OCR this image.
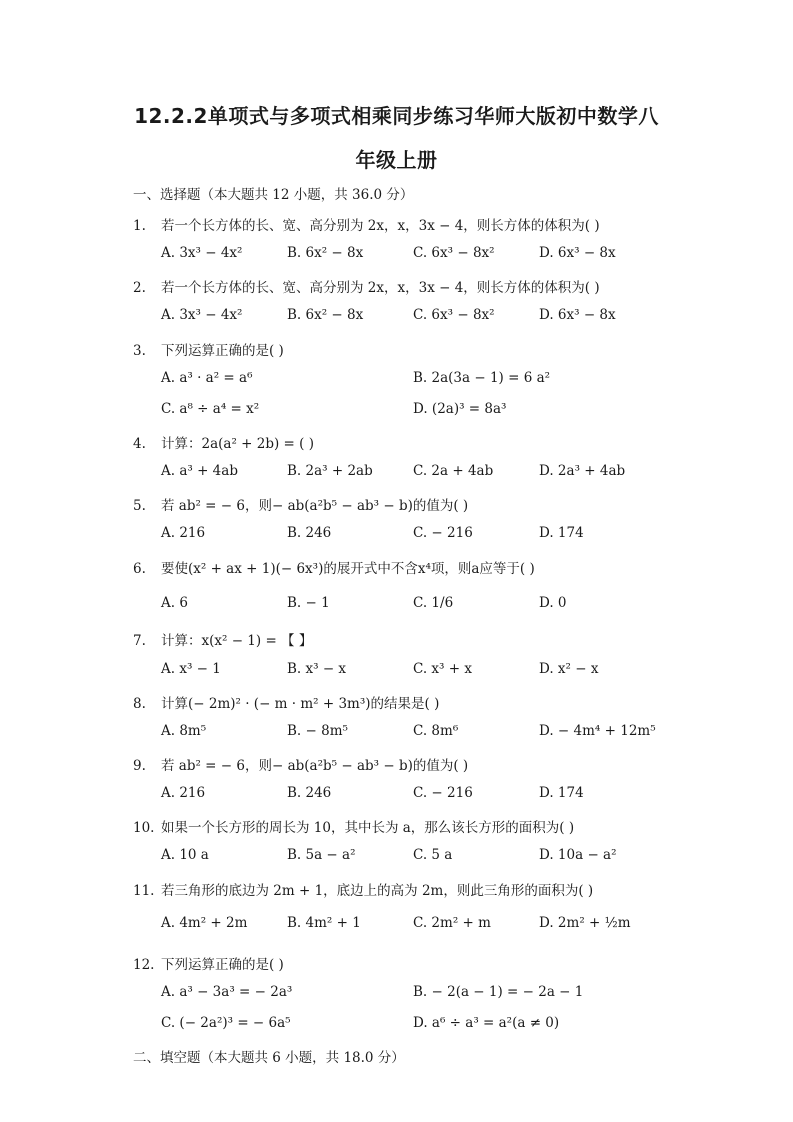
12.2.2单项式与多项式相乘同步练习华师大版初中数学八
年级上册
一、选择题（本大题共 12 小题，共 36.0 分）
1. 若一个长方体的长、宽、高分别为 2x，x，3x − 4，则长方体的体积为( )
A. 3x³ − 4x²	B. 6x² − 8x	C. 6x³ − 8x²	D. 6x³ − 8x
2. 若一个长方体的长、宽、高分别为 2x，x，3x − 4，则长方体的体积为( )
A. 3x³ − 4x²	B. 6x² − 8x	C. 6x³ − 8x²	D. 6x³ − 8x
3. 下列运算正确的是( )
A. a³ · a² = a⁶	B. 2a(3a − 1) = 6 a²
C. a⁸ ÷ a⁴ = x²	D. (2a)³ = 8a³
4. 计算：2a(a² + 2b) = ( )
A. a³ + 4ab	B. 2a³ + 2ab	C. 2a + 4ab	D. 2a³ + 4ab
5. 若 ab² = − 6，则− ab(a²b⁵ − ab³ − b)的值为( )
A. 216	B. 246	C. − 216	D. 174
6. 要使(x² + ax + 1)(− 6x³)的展开式中不含x⁴项，则a应等于( )
A. 6	B. − 1	C. 1/6	D. 0
7. 计算：x(x² − 1) = 【 】
A. x³ − 1	B. x³ − x	C. x³ + x	D. x² − x
8. 计算(− 2m)² · (− m · m² + 3m³)的结果是( )
A. 8m⁵	B. − 8m⁵	C. 8m⁶	D. − 4m⁴ + 12m⁵
9. 若 ab² = − 6，则− ab(a²b⁵ − ab³ − b)的值为( )
A. 216	B. 246	C. − 216	D. 174
10. 如果一个长方形的周长为 10，其中长为 a，那么该长方形的面积为( )
A. 10 a	B. 5a − a²	C. 5 a	D. 10a − a²
11. 若三角形的底边为 2m + 1，底边上的高为 2m，则此三角形的面积为( )
A. 4m² + 2m	B. 4m² + 1	C. 2m² + m	D. 2m² + ½m
12. 下列运算正确的是( )
A. a³ − 3a³ = − 2a³	B. − 2(a − 1) = − 2a − 1
C. (− 2a²)³ = − 6a⁵	D. a⁶ ÷ a³ = a²(a ≠ 0)
二、填空题（本大题共 6 小题，共 18.0 分）
